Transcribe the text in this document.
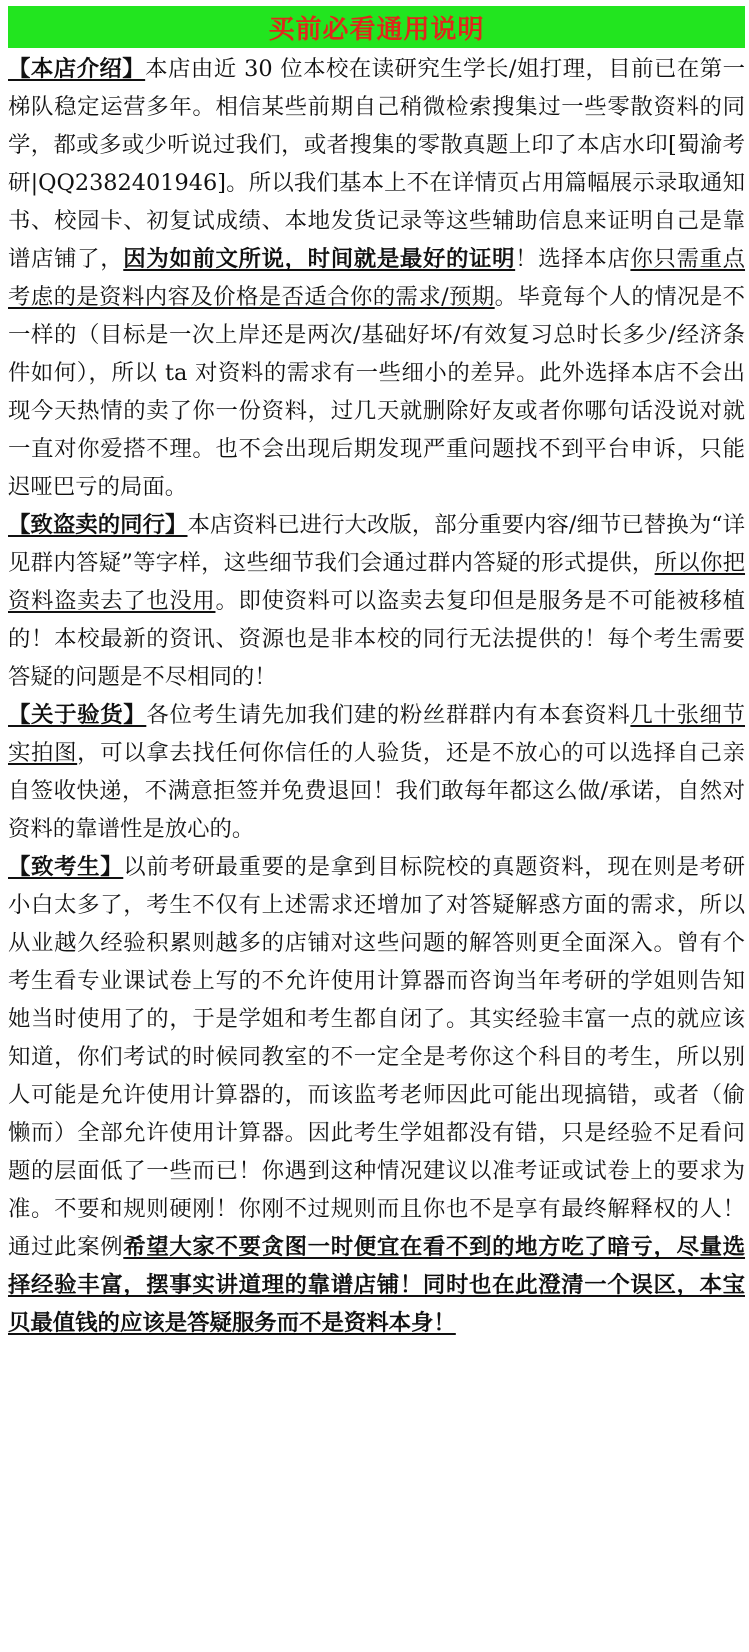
买前必看通用说明

【本店介绍】本店由近 30 位本校在读研究生学长/姐打理，目前已在第一梯队稳定运营多年。相信某些前期自己稍微检索搜集过一些零散资料的同学，都或多或少听说过我们，或者搜集的零散真题上印了本店水印[蜀渝考研|QQ2382401946]。所以我们基本上不在详情页占用篇幅展示录取通知书、校园卡、初复试成绩、本地发货记录等这些辅助信息来证明自己是靠谱店铺了，因为如前文所说，时间就是最好的证明！选择本店你只需重点考虑的是资料内容及价格是否适合你的需求/预期。毕竟每个人的情况是不一样的（目标是一次上岸还是两次/基础好坏/有效复习总时长多少/经济条件如何），所以 ta 对资料的需求有一些细小的差异。此外选择本店不会出现今天热情的卖了你一份资料，过几天就删除好友或者你哪句话没说对就一直对你爱搭不理。也不会出现后期发现严重问题找不到平台申诉，只能迟哑巴亏的局面。

【致盗卖的同行】本店资料已进行大改版，部分重要内容/细节已替换为“详见群内答疑”等字样，这些细节我们会通过群内答疑的形式提供，所以你把资料盗卖去了也没用。即使资料可以盗卖去复印但是服务是不可能被移植的！本校最新的资讯、资源也是非本校的同行无法提供的！每个考生需要答疑的问题是不尽相同的！

【关于验货】各位考生请先加我们建的粉丝群群内有本套资料几十张细节实拍图，可以拿去找任何你信任的人验货，还是不放心的可以选择自己亲自签收快递，不满意拒签并免费退回！我们敢每年都这么做/承诺，自然对资料的靠谱性是放心的。

【致考生】以前考研最重要的是拿到目标院校的真题资料，现在则是考研小白太多了，考生不仅有上述需求还增加了对答疑解惑方面的需求，所以从业越久经验积累则越多的店铺对这些问题的解答则更全面深入。曾有个考生看专业课试卷上写的不允许使用计算器而咨询当年考研的学姐则告知她当时使用了的，于是学姐和考生都自闭了。其实经验丰富一点的就应该知道，你们考试的时候同教室的不一定全是考你这个科目的考生，所以别人可能是允许使用计算器的，而该监考老师因此可能出现搞错，或者（偷懒而）全部允许使用计算器。因此考生学姐都没有错，只是经验不足看问题的层面低了一些而已！你遇到这种情况建议以准考证或试卷上的要求为准。不要和规则硬刚！你刚不过规则而且你也不是享有最终解释权的人！通过此案例希望大家不要贪图一时便宜在看不到的地方吃了暗亏，尽量选择经验丰富，摆事实讲道理的靠谱店铺！同时也在此澄清一个误区，本宝贝最值钱的应该是答疑服务而不是资料本身！
